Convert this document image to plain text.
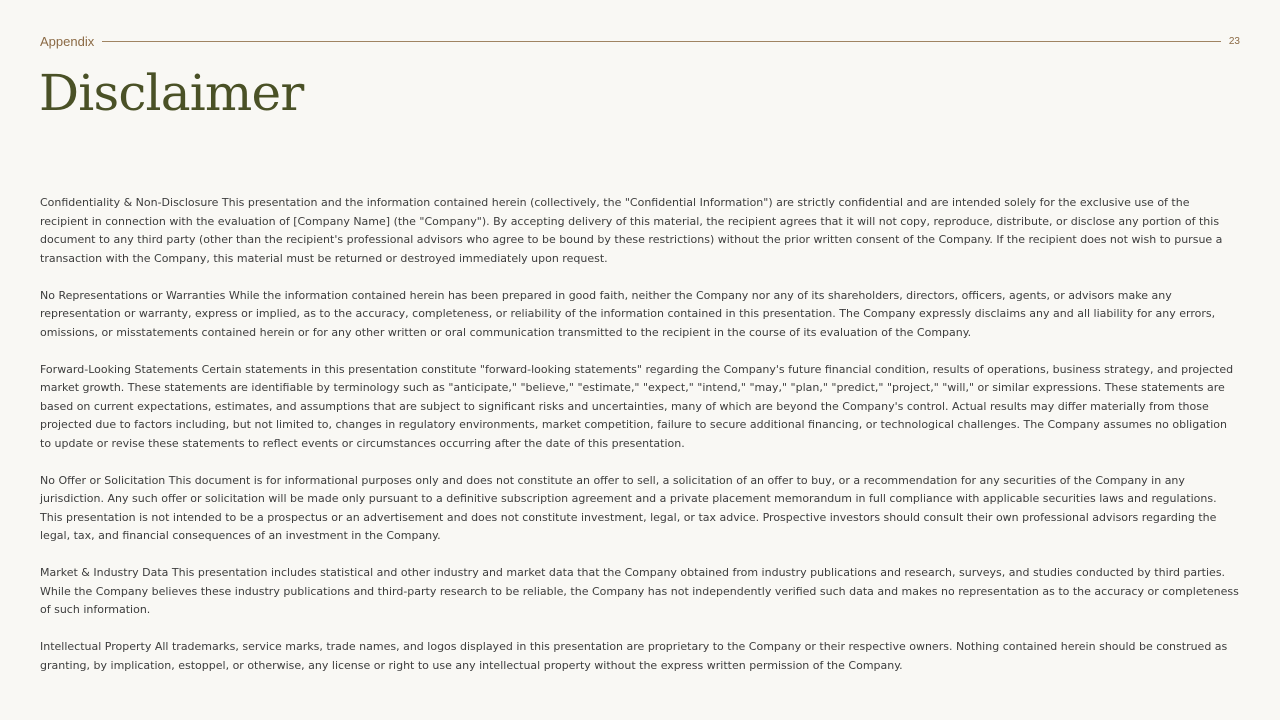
Appendix	23
Disclaimer

Confidentiality & Non-Disclosure This presentation and the information contained herein (collectively, the "Confidential Information") are strictly confidential and are intended solely for the exclusive use of the recipient in connection with the evaluation of [Company Name] (the "Company"). By accepting delivery of this material, the recipient agrees that it will not copy, reproduce, distribute, or disclose any portion of this document to any third party (other than the recipient's professional advisors who agree to be bound by these restrictions) without the prior written consent of the Company. If the recipient does not wish to pursue a transaction with the Company, this material must be returned or destroyed immediately upon request.

No Representations or Warranties While the information contained herein has been prepared in good faith, neither the Company nor any of its shareholders, directors, officers, agents, or advisors make any representation or warranty, express or implied, as to the accuracy, completeness, or reliability of the information contained in this presentation. The Company expressly disclaims any and all liability for any errors, omissions, or misstatements contained herein or for any other written or oral communication transmitted to the recipient in the course of its evaluation of the Company.

Forward-Looking Statements Certain statements in this presentation constitute "forward-looking statements" regarding the Company's future financial condition, results of operations, business strategy, and projected market growth. These statements are identifiable by terminology such as "anticipate," "believe," "estimate," "expect," "intend," "may," "plan," "predict," "project," "will," or similar expressions. These statements are based on current expectations, estimates, and assumptions that are subject to significant risks and uncertainties, many of which are beyond the Company's control. Actual results may differ materially from those projected due to factors including, but not limited to, changes in regulatory environments, market competition, failure to secure additional financing, or technological challenges. The Company assumes no obligation to update or revise these statements to reflect events or circumstances occurring after the date of this presentation.

No Offer or Solicitation This document is for informational purposes only and does not constitute an offer to sell, a solicitation of an offer to buy, or a recommendation for any securities of the Company in any jurisdiction. Any such offer or solicitation will be made only pursuant to a definitive subscription agreement and a private placement memorandum in full compliance with applicable securities laws and regulations. This presentation is not intended to be a prospectus or an advertisement and does not constitute investment, legal, or tax advice. Prospective investors should consult their own professional advisors regarding the legal, tax, and financial consequences of an investment in the Company.

Market & Industry Data This presentation includes statistical and other industry and market data that the Company obtained from industry publications and research, surveys, and studies conducted by third parties. While the Company believes these industry publications and third-party research to be reliable, the Company has not independently verified such data and makes no representation as to the accuracy or completeness of such information.

Intellectual Property All trademarks, service marks, trade names, and logos displayed in this presentation are proprietary to the Company or their respective owners. Nothing contained herein should be construed as granting, by implication, estoppel, or otherwise, any license or right to use any intellectual property without the express written permission of the Company.
